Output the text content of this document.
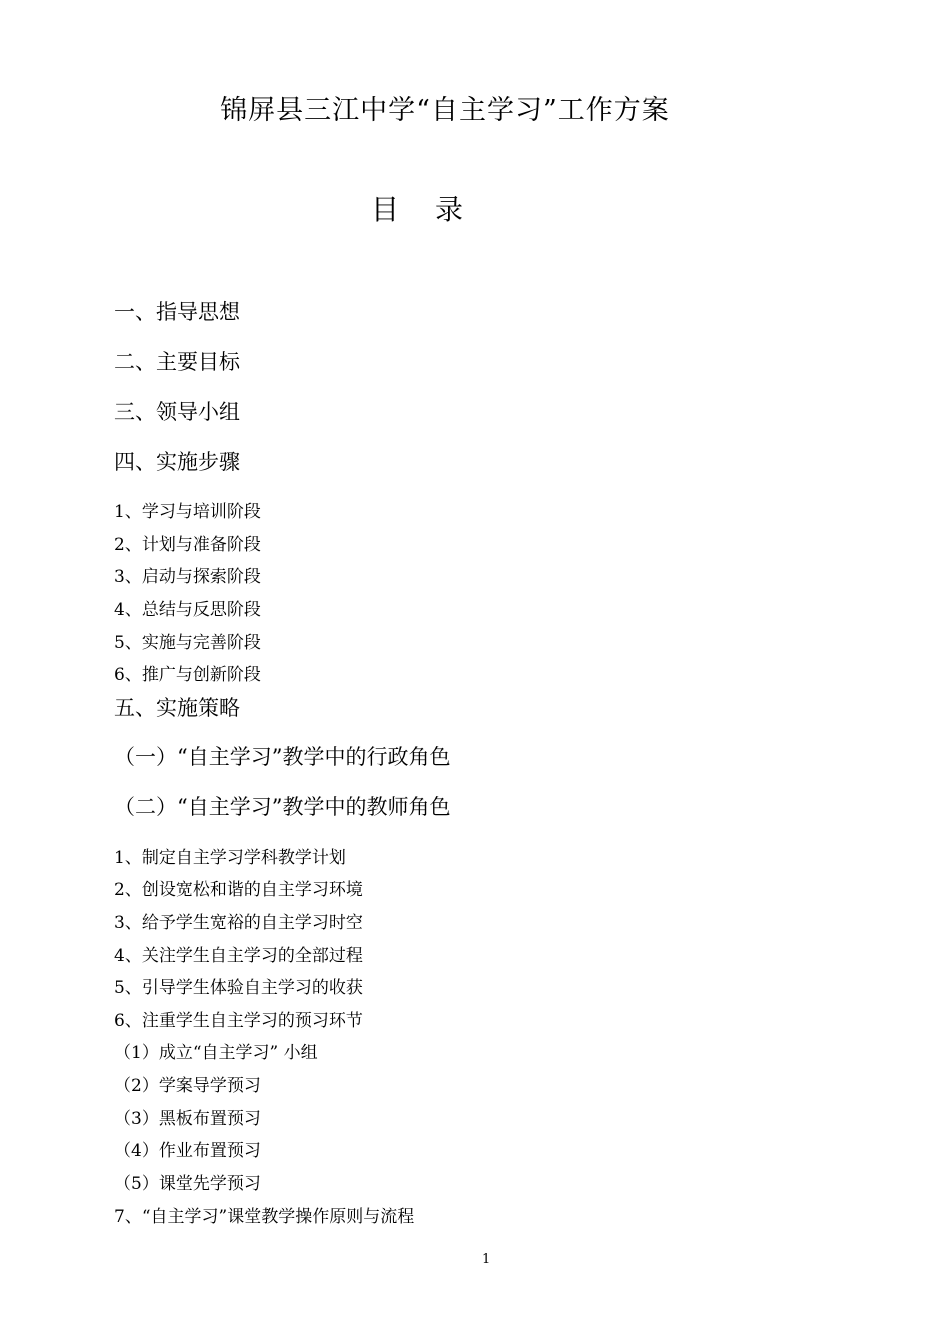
锦屏县三江中学“自主学习”工作方案
目录
一、指导思想
二、主要目标
三、领导小组
四、实施步骤
1、学习与培训阶段
2、计划与准备阶段
3、启动与探索阶段
4、总结与反思阶段
5、实施与完善阶段
6、推广与创新阶段
五、实施策略
（一）“自主学习”教学中的行政角色
（二）“自主学习”教学中的教师角色
1、制定自主学习学科教学计划
2、创设宽松和谐的自主学习环境
3、给予学生宽裕的自主学习时空
4、关注学生自主学习的全部过程
5、引导学生体验自主学习的收获
6、注重学生自主学习的预习环节
（1）成立“自主学习” 小组
（2）学案导学预习
（3）黑板布置预习
（4）作业布置预习
（5）课堂先学预习
7、“自主学习”课堂教学操作原则与流程
1
